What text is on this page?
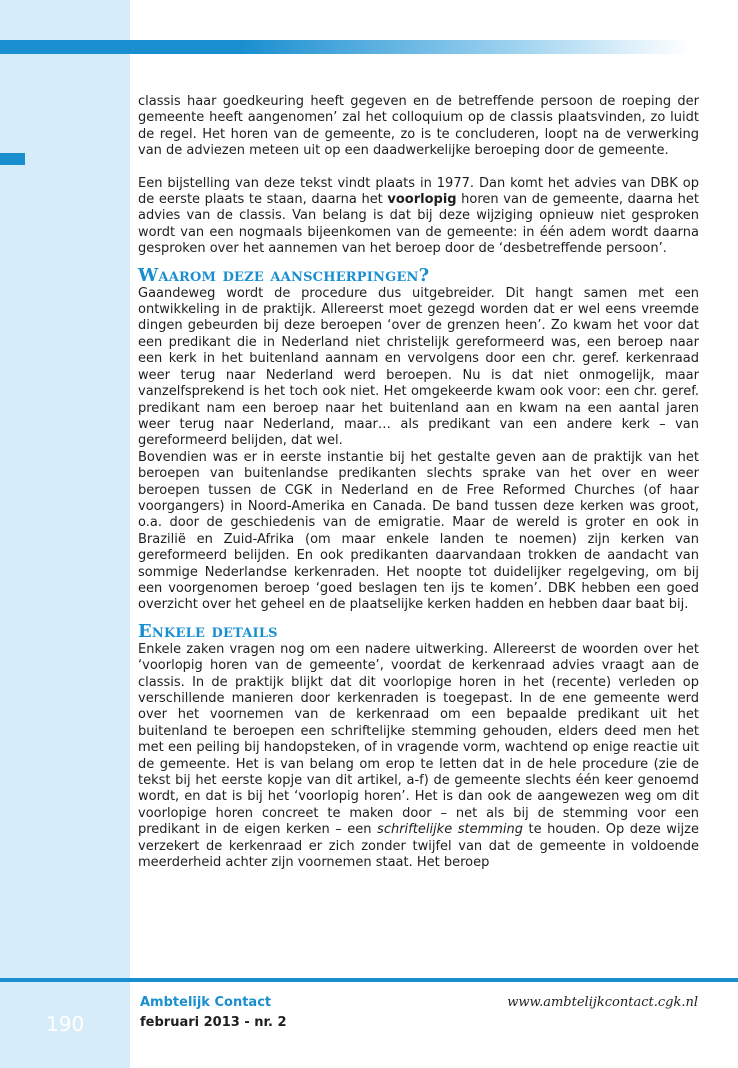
classis haar goedkeuring heeft gegeven en de betreffende persoon de roeping der gemeente heeft aangenomen’ zal het colloquium op de classis plaatsvinden, zo luidt de regel. Het horen van de gemeente, zo is te concluderen, loopt na de verwerking van de adviezen meteen uit op een daadwerkelijke beroeping door de gemeente.

Een bijstelling van deze tekst vindt plaats in 1977. Dan komt het advies van DBK op de eerste plaats te staan, daarna het voorlopig horen van de gemeente, daarna het advies van de classis. Van belang is dat bij deze wijziging opnieuw niet gesproken wordt van een nogmaals bijeenkomen van de gemeente: in één adem wordt daarna gesproken over het aannemen van het beroep door de ‘desbetreffende persoon’.

Waarom deze aanscherpingen?

Gaandeweg wordt de procedure dus uitgebreider. Dit hangt samen met een ontwikkeling in de praktijk. Allereerst moet gezegd worden dat er wel eens vreemde dingen gebeurden bij deze beroepen ‘over de grenzen heen’. Zo kwam het voor dat een predikant die in Nederland niet christelijk gereformeerd was, een beroep naar een kerk in het buitenland aannam en vervolgens door een chr. geref. kerkenraad weer terug naar Nederland werd beroepen. Nu is dat niet onmogelijk, maar vanzelfsprekend is het toch ook niet. Het omgekeerde kwam ook voor: een chr. geref. predikant nam een beroep naar het buitenland aan en kwam na een aantal jaren weer terug naar Nederland, maar… als predikant van een andere kerk – van gereformeerd belijden, dat wel.

Bovendien was er in eerste instantie bij het gestalte geven aan de praktijk van het beroepen van buitenlandse predikanten slechts sprake van het over en weer beroepen tussen de CGK in Nederland en de Free Reformed Churches (of haar voorgangers) in Noord-Amerika en Canada. De band tussen deze kerken was groot, o.a. door de geschiedenis van de emigratie. Maar de wereld is groter en ook in Brazilië en Zuid-Afrika (om maar enkele landen te noemen) zijn kerken van gereformeerd belijden. En ook predikanten daarvandaan trokken de aandacht van sommige Nederlandse kerkenraden. Het noopte tot duidelijker regelgeving, om bij een voorgenomen beroep ‘goed beslagen ten ijs te komen’. DBK hebben een goed overzicht over het geheel en de plaatselijke kerken hadden en hebben daar baat bij.

Enkele details

Enkele zaken vragen nog om een nadere uitwerking. Allereerst de woorden over het ‘voorlopig horen van de gemeente’, voordat de kerkenraad advies vraagt aan de classis. In de praktijk blijkt dat dit voorlopige horen in het (recente) verleden op verschillende manieren door kerkenraden is toegepast. In de ene gemeente werd over het voornemen van de kerkenraad om een bepaalde predikant uit het buitenland te beroepen een schriftelijke stemming gehouden, elders deed men het met een peiling bij handopsteken, of in vragende vorm, wachtend op enige reactie uit de gemeente. Het is van belang om erop te letten dat in de hele procedure (zie de tekst bij het eerste kopje van dit artikel, a-f) de gemeente slechts één keer genoemd wordt, en dat is bij het ‘voorlopig horen’. Het is dan ook de aangewezen weg om dit voorlopige horen concreet te maken door – net als bij de stemming voor een predikant in de eigen kerken – een schriftelijke stemming te houden. Op deze wijze verzekert de kerkenraad er zich zonder twijfel van dat de gemeente in voldoende meerderheid achter zijn voornemen staat. Het beroep

190
Ambtelijk Contact
februari 2013 - nr. 2
www.ambtelijkcontact.cgk.nl
